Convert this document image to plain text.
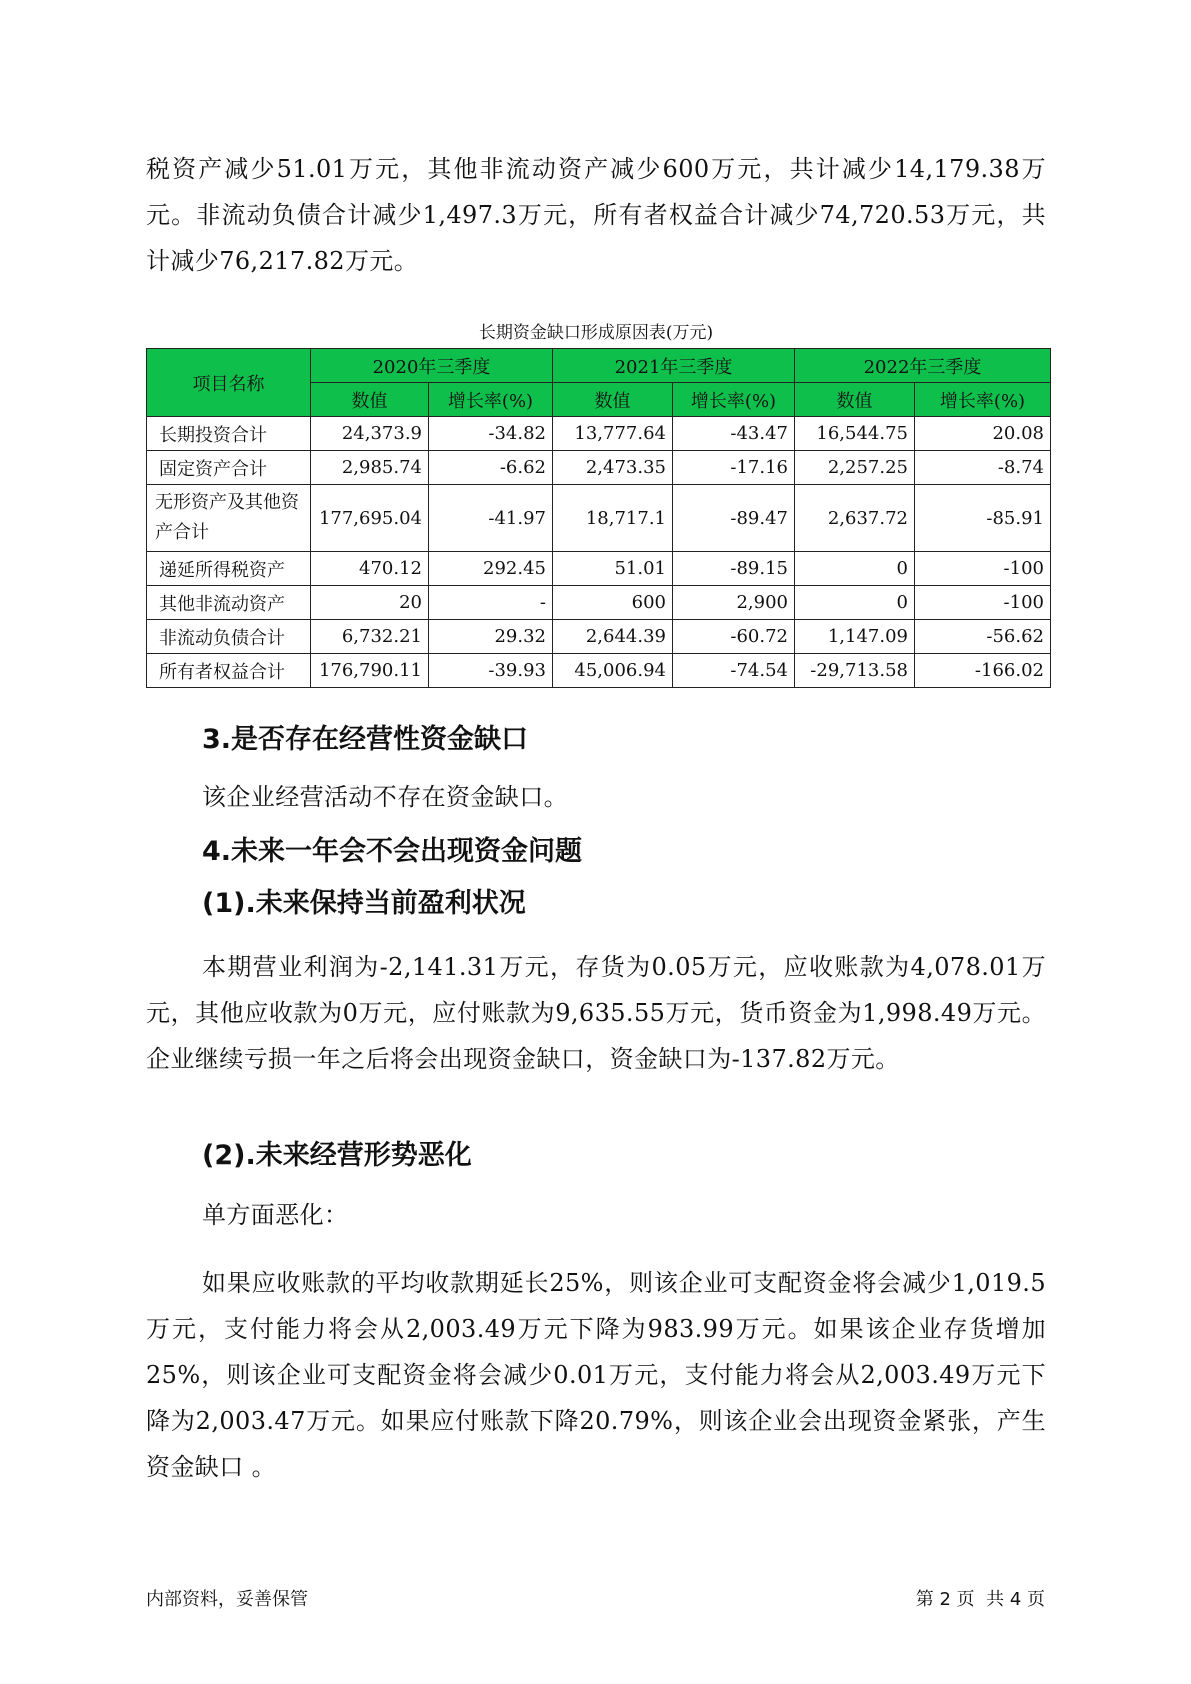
税资产减少51.01万元，其他非流动资产减少600万元，共计减少14,179.38万元。非流动负债合计减少1,497.3万元，所有者权益合计减少74,720.53万元，共计减少76,217.82万元。

长期资金缺口形成原因表(万元)
项目名称	2020年三季度		2021年三季度		2022年三季度	
	数值	增长率(%)	数值	增长率(%)	数值	增长率(%)
长期投资合计	24,373.9	-34.82	13,777.64	-43.47	16,544.75	20.08
固定资产合计	2,985.74	-6.62	2,473.35	-17.16	2,257.25	-8.74
无形资产及其他资产合计	177,695.04	-41.97	18,717.1	-89.47	2,637.72	-85.91
递延所得税资产	470.12	292.45	51.01	-89.15	0	-100
其他非流动资产	20	-	600	2,900	0	-100
非流动负债合计	6,732.21	29.32	2,644.39	-60.72	1,147.09	-56.62
所有者权益合计	176,790.11	-39.93	45,006.94	-74.54	-29,713.58	-166.02
3.是否存在经营性资金缺口

该企业经营活动不存在资金缺口。

4.未来一年会不会出现资金问题
(1).未来保持当前盈利状况

本期营业利润为-2,141.31万元，存货为0.05万元，应收账款为4,078.01万元，其他应收款为0万元，应付账款为9,635.55万元，货币资金为1,998.49万元。企业继续亏损一年之后将会出现资金缺口，资金缺口为-137.82万元。

(2).未来经营形势恶化

单方面恶化：

如果应收账款的平均收款期延长25%，则该企业可支配资金将会减少1,019.5万元，支付能力将会从2,003.49万元下降为983.99万元。如果该企业存货增加25%，则该企业可支配资金将会减少0.01万元，支付能力将会从2,003.49万元下降为2,003.47万元。如果应付账款下降20.79%，则该企业会出现资金紧张，产生资金缺口 。

内部资料，妥善保管	第 2 页  共 4 页
